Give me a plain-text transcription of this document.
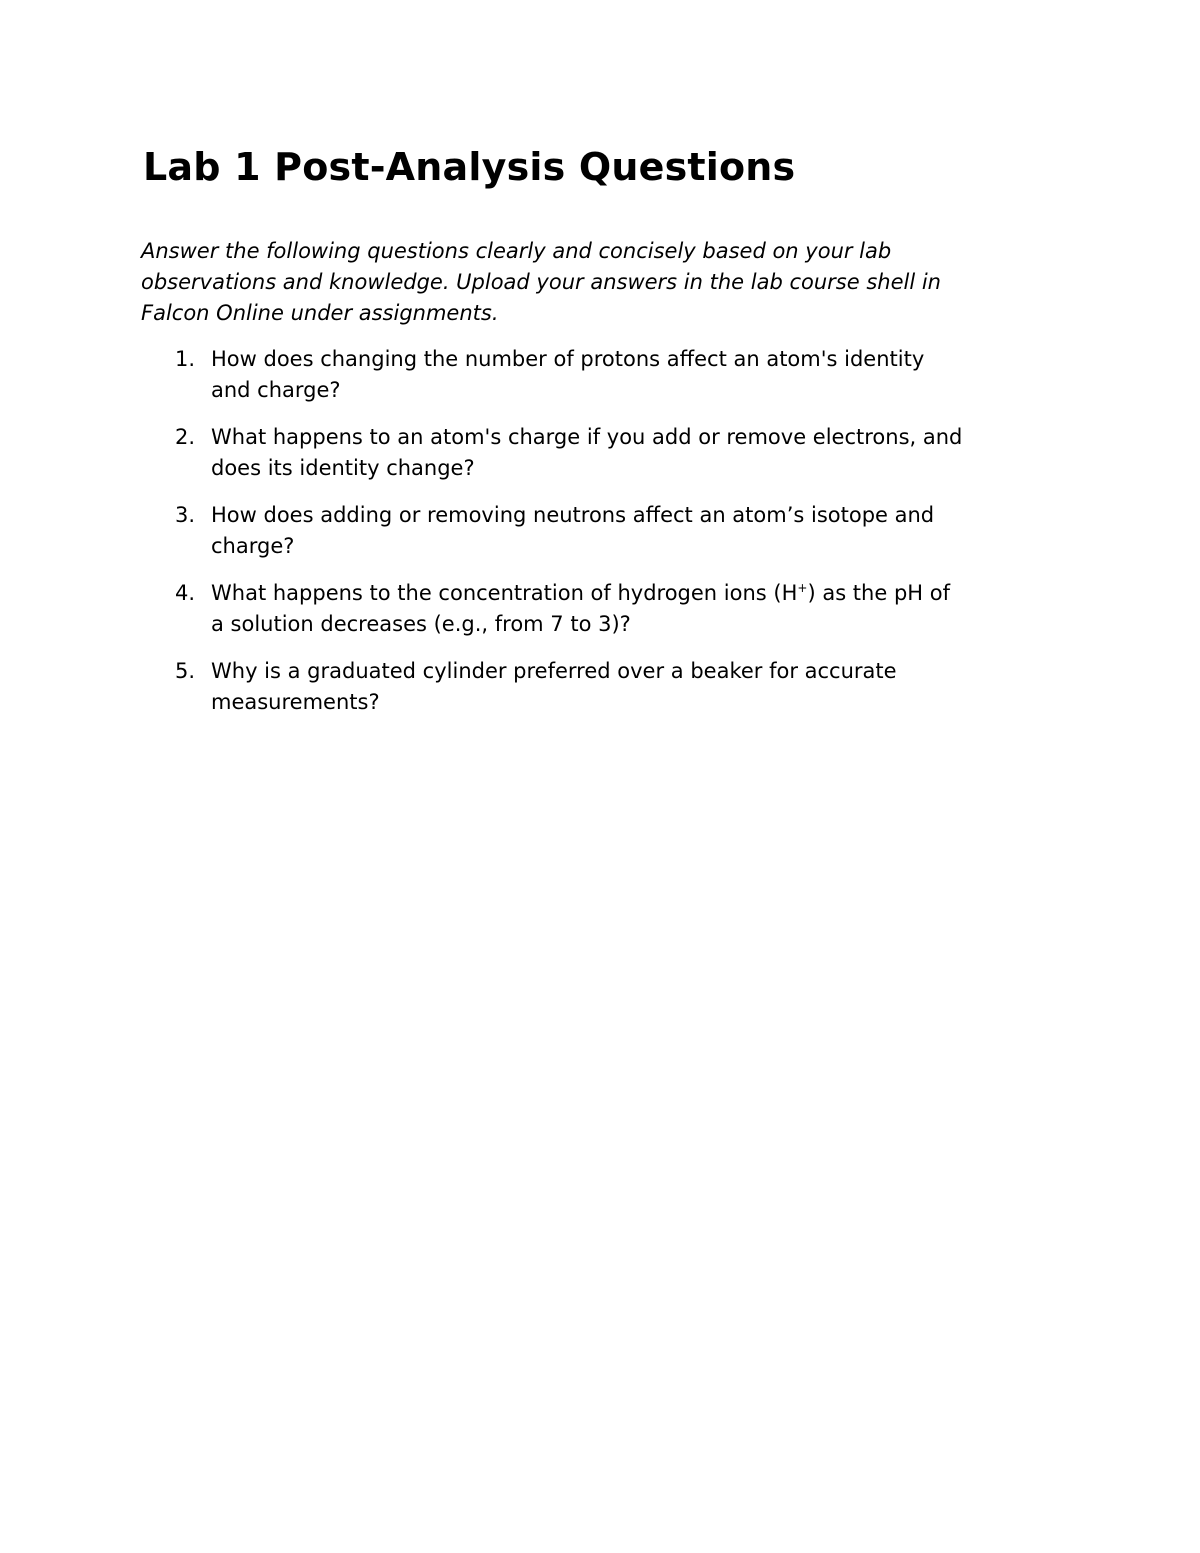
Lab 1 Post-Analysis Questions

Answer the following questions clearly and concisely based on your lab
observations and knowledge. Upload your answers in the lab course shell in
Falcon Online under assignments.

1. How does changing the number of protons affect an atom's identity
and charge?
2. What happens to an atom's charge if you add or remove electrons, and
does its identity change?
3. How does adding or removing neutrons affect an atom’s isotope and
charge?
4. What happens to the concentration of hydrogen ions (H+) as the pH of
a solution decreases (e.g., from 7 to 3)?
5. Why is a graduated cylinder preferred over a beaker for accurate
measurements?
